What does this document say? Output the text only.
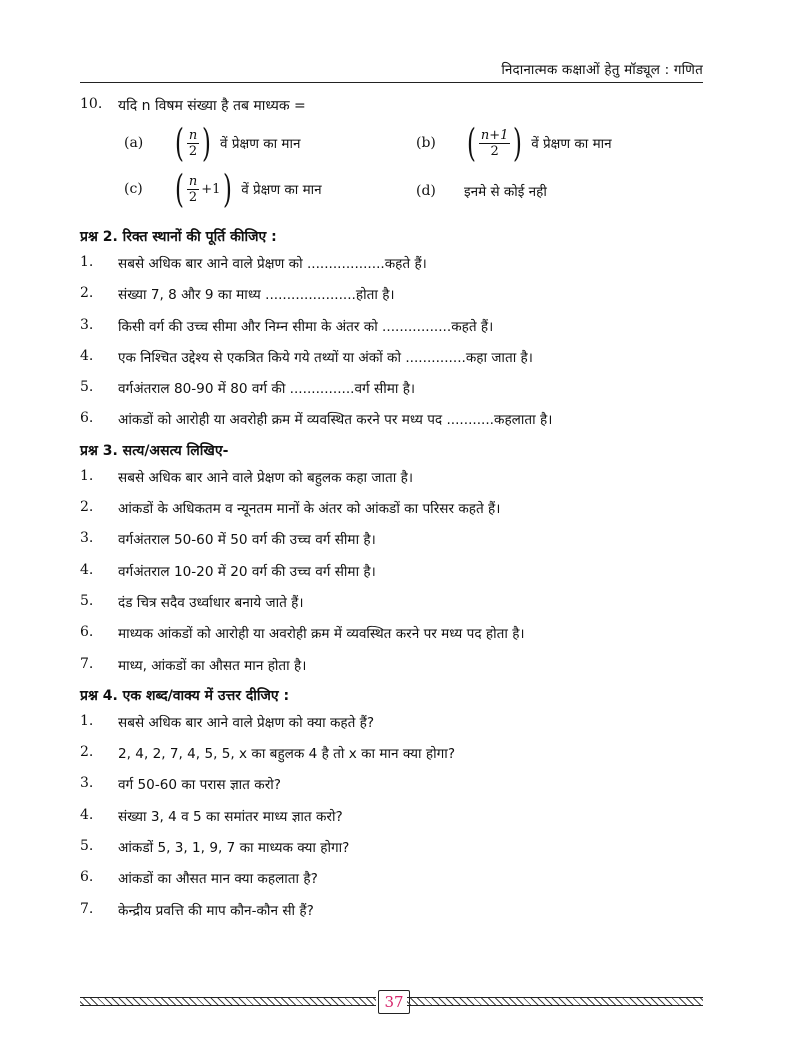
निदानात्मक कक्षाओं हेतु मॉड्यूल : गणित
10.	यदि n विषम संख्या है तब माध्यक =
(a) ( $\frac{n}{2}$ ) वें प्रेक्षण का मान	(b) ( $\frac{n+1}{2}$ ) वें प्रेक्षण का मान
(c) ( $\frac{n}{2} +1$ ) वें प्रेक्षण का मान	(d)	इनमे से कोई नही
प्रश्न 2. रिक्त स्थानों की पूर्ति कीजिए :
1. सबसे अधिक बार आने वाले प्रेक्षण को ..................कहते हैं।
2. संख्या 7, 8 और 9 का माध्य .....................होता है।
3. किसी वर्ग की उच्च सीमा और निम्न सीमा के अंतर को ................कहते हैं।
4. एक निश्चित उद्देश्य से एकत्रित किये गये तथ्यों या अंकों को ..............कहा जाता है।
5. वर्गअंतराल 80-90 में 80 वर्ग की ...............वर्ग सीमा है।
6. आंकडों को आरोही या अवरोही क्रम में व्यवस्थित करने पर मध्य पद ...........कहलाता है।
प्रश्न 3. सत्य/असत्य लिखिए-
1. सबसे अधिक बार आने वाले प्रेक्षण को बहुलक कहा जाता है।
2. आंकडों के अधिकतम व न्यूनतम मानों के अंतर को आंकडों का परिसर कहते हैं।
3. वर्गअंतराल 50-60 में 50 वर्ग की उच्च वर्ग सीमा है।
4. वर्गअंतराल 10-20 में 20 वर्ग की उच्च वर्ग सीमा है।
5. दंड चित्र सदैव उर्ध्वाधार बनाये जाते हैं।
6. माध्यक आंकडों को आरोही या अवरोही क्रम में व्यवस्थित करने पर मध्य पद होता है।
7. माध्य, आंकडों का औसत मान होता है।
प्रश्न 4. एक शब्द/वाक्य में उत्तर दीजिए :
1. सबसे अधिक बार आने वाले प्रेक्षण को क्या कहते हैं?
2. 2, 4, 2, 7, 4, 5, 5, x का बहुलक 4 है तो x का मान क्या होगा?
3. वर्ग 50-60 का परास ज्ञात करो?
4. संख्या 3, 4 व 5 का समांतर माध्य ज्ञात करो?
5. आंकडों 5, 3, 1, 9, 7 का माध्यक क्या होगा?
6. आंकडों का औसत मान क्या कहलाता है?
7. केन्द्रीय प्रवत्ति की माप कौन-कौन सी हैं?
37
